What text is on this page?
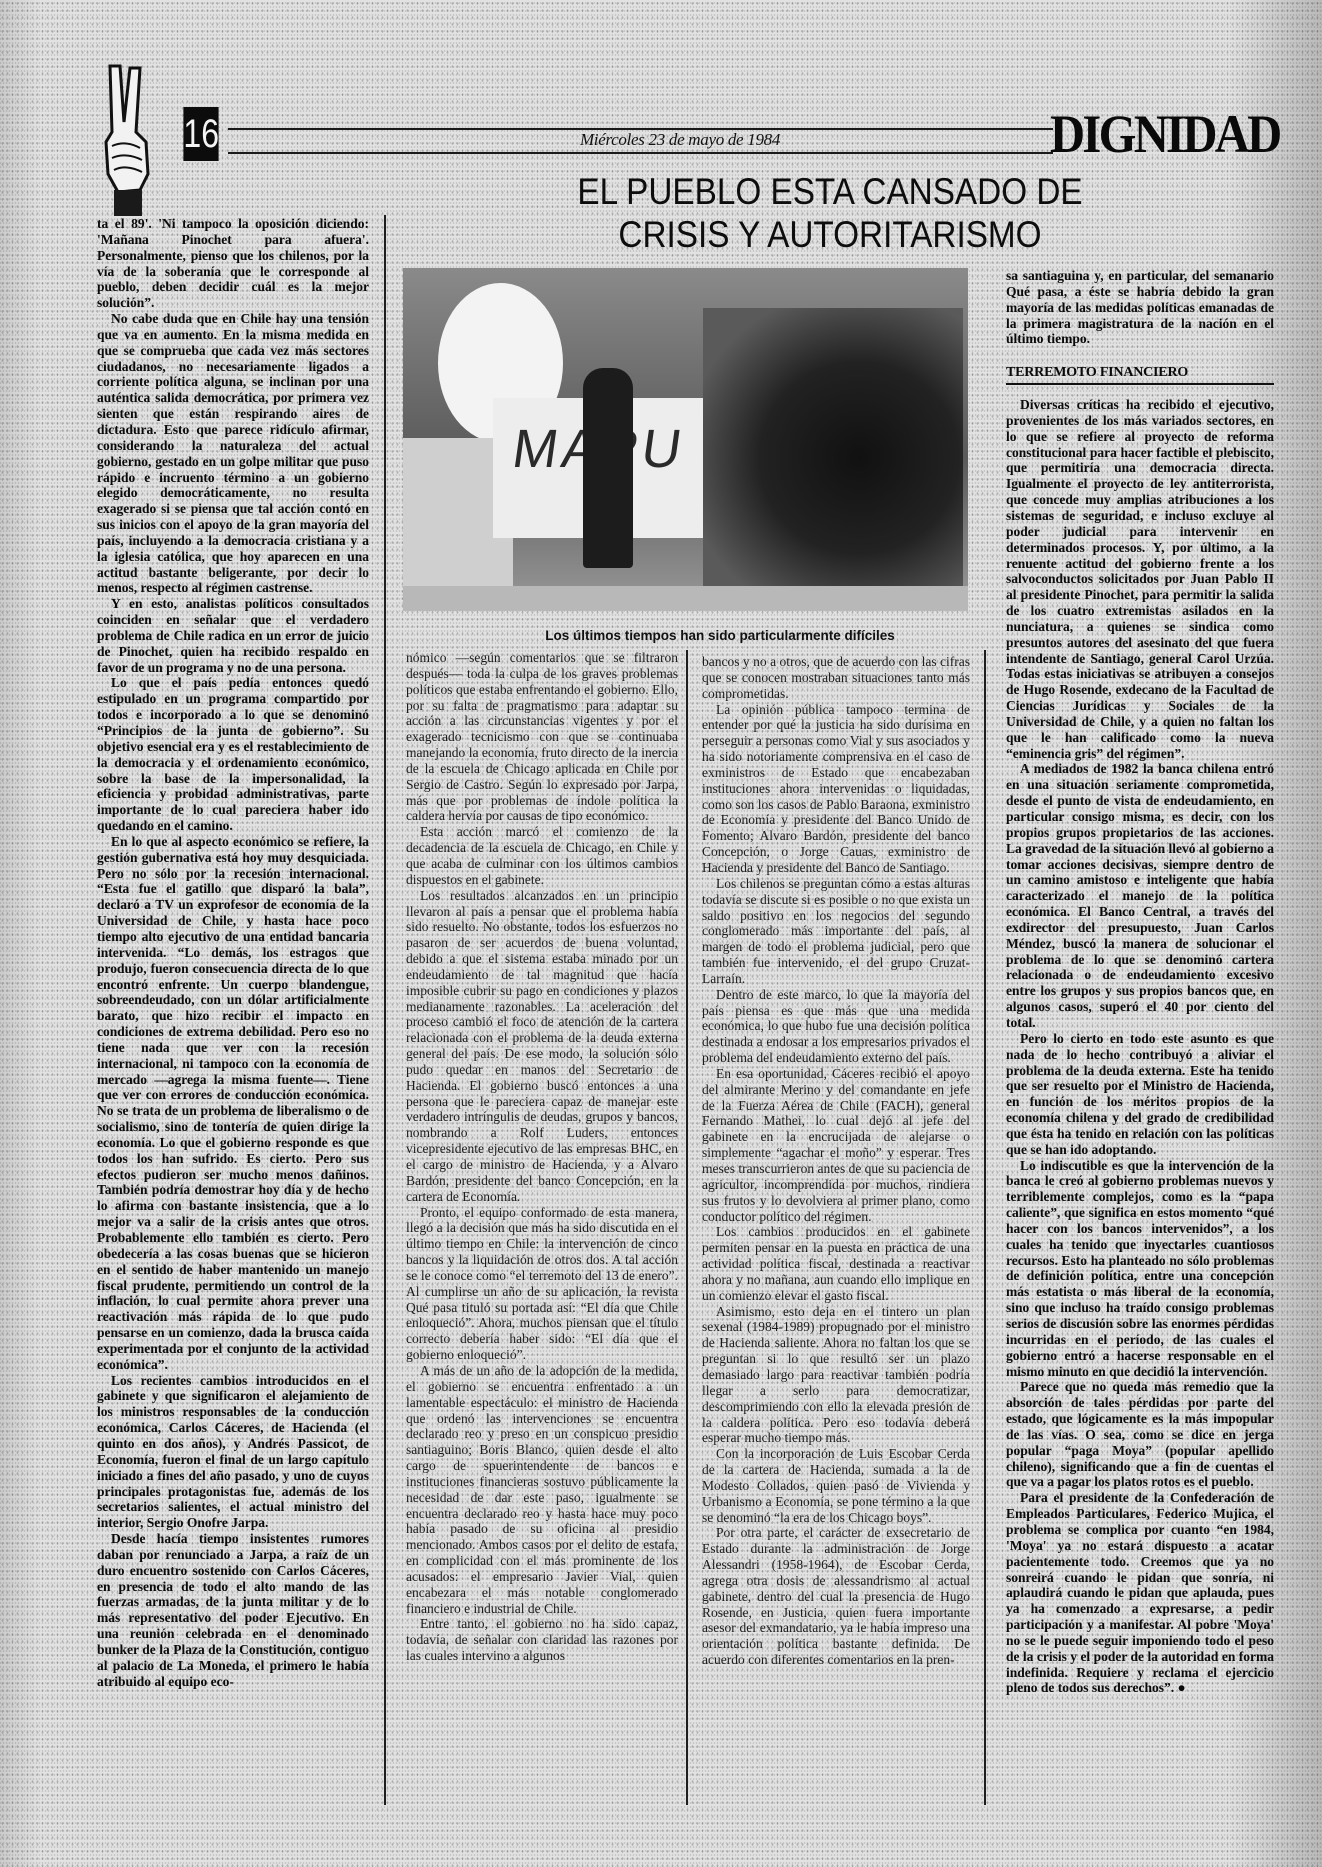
16	Miércoles 23 de mayo de 1984	DIGNIDAD
EL PUEBLO ESTA CANSADO DE
CRISIS Y AUTORITARISMO
Los últimos tiempos han sido particularmente difíciles

ta el 89'. 'Ni tampoco la oposición diciendo: 'Mañana Pinochet para afuera'. Personalmente, pienso que los chilenos, por la vía de la soberanía que le corresponde al pueblo, deben decidir cuál es la mejor solución”.

No cabe duda que en Chile hay una tensión que va en aumento. En la misma medida en que se comprueba que cada vez más sectores ciudadanos, no necesariamente ligados a corriente política alguna, se inclinan por una auténtica salida democrática, por primera vez sienten que están respirando aires de dictadura. Esto que parece ridículo afirmar, considerando la naturaleza del actual gobierno, gestado en un golpe militar que puso rápido e incruento término a un gobierno elegido democráticamente, no resulta exagerado si se piensa que tal acción contó en sus inicios con el apoyo de la gran mayoría del país, incluyendo a la democracia cristiana y a la iglesia católica, que hoy aparecen en una actitud bastante beligerante, por decir lo menos, respecto al régimen castrense.

Y en esto, analistas políticos consultados coinciden en señalar que el verdadero problema de Chile radica en un error de juicio de Pinochet, quien ha recibido respaldo en favor de un programa y no de una persona.

Lo que el país pedía entonces quedó estipulado en un programa compartido por todos e incorporado a lo que se denominó “Principios de la junta de gobierno”. Su objetivo esencial era y es el restablecimiento de la democracia y el ordenamiento económico, sobre la base de la impersonalidad, la eficiencia y probidad administrativas, parte importante de lo cual pareciera haber ido quedando en el camino.

En lo que al aspecto económico se refiere, la gestión gubernativa está hoy muy desquiciada. Pero no sólo por la recesión internacional. “Esta fue el gatillo que disparó la bala”, declaró a TV un exprofesor de economía de la Universidad de Chile, y hasta hace poco tiempo alto ejecutivo de una entidad bancaria intervenida. “Lo demás, los estragos que produjo, fueron consecuencia directa de lo que encontró enfrente. Un cuerpo blandengue, sobreendeudado, con un dólar artificialmente barato, que hizo recibir el impacto en condiciones de extrema debilidad. Pero eso no tiene nada que ver con la recesión internacional, ni tampoco con la economía de mercado —agrega la misma fuente—. Tiene que ver con errores de conducción económica. No se trata de un problema de liberalismo o de socialismo, sino de tontería de quien dirige la economía. Lo que el gobierno responde es que todos los han sufrido. Es cierto. Pero sus efectos pudieron ser mucho menos dañinos. También podría demostrar hoy día y de hecho lo afirma con bastante insistencia, que a lo mejor va a salir de la crisis antes que otros. Probablemente ello también es cierto. Pero obedecería a las cosas buenas que se hicieron en el sentido de haber mantenido un manejo fiscal prudente, permitiendo un control de la inflación, lo cual permite ahora prever una reactivación más rápida de lo que pudo pensarse en un comienzo, dada la brusca caída experimentada por el conjunto de la actividad económica”.

Los recientes cambios introducidos en el gabinete y que significaron el alejamiento de los ministros responsables de la conducción económica, Carlos Cáceres, de Hacienda (el quinto en dos años), y Andrés Passicot, de Economía, fueron el final de un largo capítulo iniciado a fines del año pasado, y uno de cuyos principales protagonistas fue, además de los secretarios salientes, el actual ministro del interior, Sergio Onofre Jarpa.

Desde hacía tiempo insistentes rumores daban por renunciado a Jarpa, a raíz de un duro encuentro sostenido con Carlos Cáceres, en presencia de todo el alto mando de las fuerzas armadas, de la junta militar y de lo más representativo del poder Ejecutivo. En una reunión celebrada en el denominado bunker de la Plaza de la Constitución, contiguo al palacio de La Moneda, el primero le había atribuido al equipo eco-

nómico —según comentarios que se filtraron después— toda la culpa de los graves problemas políticos que estaba enfrentando el gobierno. Ello, por su falta de pragmatismo para adaptar su acción a las circunstancias vigentes y por el exagerado tecnicismo con que se continuaba manejando la economía, fruto directo de la inercia de la escuela de Chicago aplicada en Chile por Sergio de Castro. Según lo expresado por Jarpa, más que por problemas de índole política la caldera hervía por causas de tipo económico.

Esta acción marcó el comienzo de la decadencia de la escuela de Chicago, en Chile y que acaba de culminar con los últimos cambios dispuestos en el gabinete.

Los resultados alcanzados en un principio llevaron al país a pensar que el problema había sido resuelto. No obstante, todos los esfuerzos no pasaron de ser acuerdos de buena voluntad, debido a que el sistema estaba minado por un endeudamiento de tal magnitud que hacía imposible cubrir su pago en condiciones y plazos medianamente razonables. La aceleración del proceso cambió el foco de atención de la cartera relacionada con el problema de la deuda externa general del país. De ese modo, la solución sólo pudo quedar en manos del Secretario de Hacienda. El gobierno buscó entonces a una persona que le pareciera capaz de manejar este verdadero intríngulis de deudas, grupos y bancos, nombrando a Rolf Luders, entonces vicepresidente ejecutivo de las empresas BHC, en el cargo de ministro de Hacienda, y a Alvaro Bardón, presidente del banco Concepción, en la cartera de Economía.

Pronto, el equipo conformado de esta manera, llegó a la decisión que más ha sido discutida en el último tiempo en Chile: la intervención de cinco bancos y la liquidación de otros dos. A tal acción se le conoce como “el terremoto del 13 de enero”. Al cumplirse un año de su aplicación, la revista Qué pasa tituló su portada así: “El día que Chile enloqueció”. Ahora, muchos piensan que el título correcto debería haber sido: “El día que el gobierno enloqueció”.

A más de un año de la adopción de la medida, el gobierno se encuentra enfrentado a un lamentable espectáculo: el ministro de Hacienda que ordenó las intervenciones se encuentra declarado reo y preso en un conspicuo presidio santiaguino; Boris Blanco, quien desde el alto cargo de spuerintendente de bancos e instituciones financieras sostuvo públicamente la necesidad de dar este paso, igualmente se encuentra declarado reo y hasta hace muy poco había pasado de su oficina al presidio mencionado. Ambos casos por el delito de estafa, en complicidad con el más prominente de los acusados: el empresario Javier Vial, quien encabezara el más notable conglomerado financiero e industrial de Chile.

Entre tanto, el gobierno no ha sido capaz, todavía, de señalar con claridad las razones por las cuales intervino a algunos

bancos y no a otros, que de acuerdo con las cifras que se conocen mostraban situaciones tanto más comprometidas.

La opinión pública tampoco termina de entender por qué la justicia ha sido durísima en perseguir a personas como Vial y sus asociados y ha sido notoriamente comprensiva en el caso de exministros de Estado que encabezaban instituciones ahora intervenidas o liquidadas, como son los casos de Pablo Baraona, exministro de Economía y presidente del Banco Unido de Fomento; Alvaro Bardón, presidente del banco Concepción, o Jorge Cauas, exministro de Hacienda y presidente del Banco de Santiago.

Los chilenos se preguntan cómo a estas alturas todavía se discute si es posible o no que exista un saldo positivo en los negocios del segundo conglomerado más importante del país, al margen de todo el problema judicial, pero que también fue intervenido, el del grupo Cruzat-Larraín.

Dentro de este marco, lo que la mayoría del país piensa es que más que una medida económica, lo que hubo fue una decisión política destinada a endosar a los empresarios privados el problema del endeudamiento externo del país.

En esa oportunidad, Cáceres recibió el apoyo del almirante Merino y del comandante en jefe de la Fuerza Aérea de Chile (FACH), general Fernando Mathei, lo cual dejó al jefe del gabinete en la encrucijada de alejarse o simplemente “agachar el moño” y esperar. Tres meses transcurrieron antes de que su paciencia de agricultor, incomprendida por muchos, rindiera sus frutos y lo devolviera al primer plano, como conductor político del régimen.

Los cambios producidos en el gabinete permiten pensar en la puesta en práctica de una actividad política fiscal, destinada a reactivar ahora y no mañana, aun cuando ello implique en un comienzo elevar el gasto fiscal.

Asimismo, esto deja en el tintero un plan sexenal (1984-1989) propugnado por el ministro de Hacienda saliente. Ahora no faltan los que se preguntan si lo que resultó ser un plazo demasiado largo para reactivar también podría llegar a serlo para democratizar, descomprimiendo con ello la elevada presión de la caldera política. Pero eso todavía deberá esperar mucho tiempo más.

Con la incorporación de Luis Escobar Cerda de la cartera de Hacienda, sumada a la de Modesto Collados, quien pasó de Vivienda y Urbanismo a Economía, se pone término a la que se denominó “la era de los Chicago boys”.

Por otra parte, el carácter de exsecretario de Estado durante la administración de Jorge Alessandri (1958-1964), de Escobar Cerda, agrega otra dosis de alessandrismo al actual gabinete, dentro del cual la presencia de Hugo Rosende, en Justicia, quien fuera importante asesor del exmandatario, ya le había impreso una orientación política bastante definida. De acuerdo con diferentes comentarios en la pren-

sa santiaguina y, en particular, del semanario Qué pasa, a éste se habría debido la gran mayoría de las medidas políticas emanadas de la primera magistratura de la nación en el último tiempo.

TERREMOTO FINANCIERO

Diversas críticas ha recibido el ejecutivo, provenientes de los más variados sectores, en lo que se refiere al proyecto de reforma constitucional para hacer factible el plebiscito, que permitiría una democracia directa. Igualmente el proyecto de ley antiterrorista, que concede muy amplias atribuciones a los sistemas de seguridad, e incluso excluye al poder judicial para intervenir en determinados procesos. Y, por último, a la renuente actitud del gobierno frente a los salvoconductos solicitados por Juan Pablo II al presidente Pinochet, para permitir la salida de los cuatro extremistas asilados en la nunciatura, a quienes se sindica como presuntos autores del asesinato del que fuera intendente de Santiago, general Carol Urzúa. Todas estas iniciativas se atribuyen a consejos de Hugo Rosende, exdecano de la Facultad de Ciencias Jurídicas y Sociales de la Universidad de Chile, y a quien no faltan los que le han calificado como la nueva “eminencia gris” del régimen”.

A mediados de 1982 la banca chilena entró en una situación seriamente comprometida, desde el punto de vista de endeudamiento, en particular consigo misma, es decir, con los propios grupos propietarios de las acciones. La gravedad de la situación llevó al gobierno a tomar acciones decisivas, siempre dentro de un camino amistoso e inteligente que había caracterizado el manejo de la política económica. El Banco Central, a través del exdirector del presupuesto, Juan Carlos Méndez, buscó la manera de solucionar el problema de lo que se denominó cartera relacionada o de endeudamiento excesivo entre los grupos y sus propios bancos que, en algunos casos, superó el 40 por ciento del total.

Pero lo cierto en todo este asunto es que nada de lo hecho contribuyó a aliviar el problema de la deuda externa. Este ha tenido que ser resuelto por el Ministro de Hacienda, en función de los méritos propios de la economía chilena y del grado de credibilidad que ésta ha tenido en relación con las políticas que se han ido adoptando.

Lo indiscutible es que la intervención de la banca le creó al gobierno problemas nuevos y terriblemente complejos, como es la “papa caliente”, que significa en estos momento “qué hacer con los bancos intervenidos”, a los cuales ha tenido que inyectarles cuantiosos recursos. Esto ha planteado no sólo problemas de definición política, entre una concepción más estatista o más liberal de la economía, sino que incluso ha traído consigo problemas serios de discusión sobre las enormes pérdidas incurridas en el período, de las cuales el gobierno entró a hacerse responsable en el mismo minuto en que decidió la intervención.

Parece que no queda más remedio que la absorción de tales pérdidas por parte del estado, que lógicamente es la más impopular de las vías. O sea, como se dice en jerga popular “paga Moya” (popular apellido chileno), significando que a fin de cuentas el que va a pagar los platos rotos es el pueblo.

Para el presidente de la Confederación de Empleados Particulares, Federico Mujica, el problema se complica por cuanto “en 1984, 'Moya' ya no estará dispuesto a acatar pacientemente todo. Creemos que ya no sonreirá cuando le pidan que sonría, ni aplaudirá cuando le pidan que aplauda, pues ya ha comenzado a expresarse, a pedir participación y a manifestar. Al pobre 'Moya' no se le puede seguir imponiendo todo el peso de la crisis y el poder de la autoridad en forma indefinida. Requiere y reclama el ejercicio pleno de todos sus derechos”. ●
